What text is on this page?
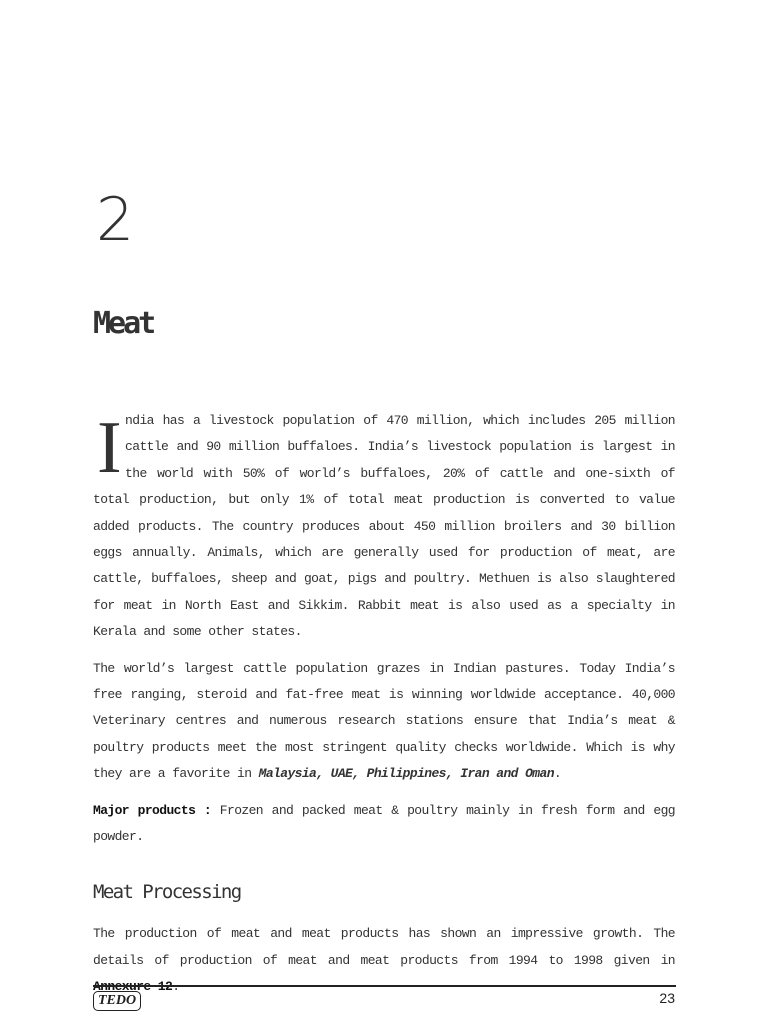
2
Meat

India has a livestock population of 470 million, which includes 205 million cattle and 90 million buffaloes. India’s livestock population is largest in the world with 50% of world’s buffaloes, 20% of cattle and one-sixth of total production, but only 1% of total meat production is converted to value added products. The country produces about 450 million broilers and 30 billion eggs annually. Animals, which are generally used for production of meat, are cattle, buffaloes, sheep and goat, pigs and poultry. Methuen is also slaughtered for meat in North East and Sikkim. Rabbit meat is also used as a specialty in Kerala and some other states.

The world’s largest cattle population grazes in Indian pastures. Today India’s free ranging, steroid and fat-free meat is winning worldwide acceptance. 40,000 Veterinary centres and numerous research stations ensure that India’s meat & poultry products meet the most stringent quality checks worldwide. Which is why they are a favorite in Malaysia, UAE, Philippines, Iran and Oman.

Major products : Frozen and packed meat & poultry mainly in fresh form and egg powder.

Meat Processing

The production of meat and meat products has shown an impressive growth. The details of production of meat and meat products from 1994 to 1998 given in Annexure 12.

TEDO	23
